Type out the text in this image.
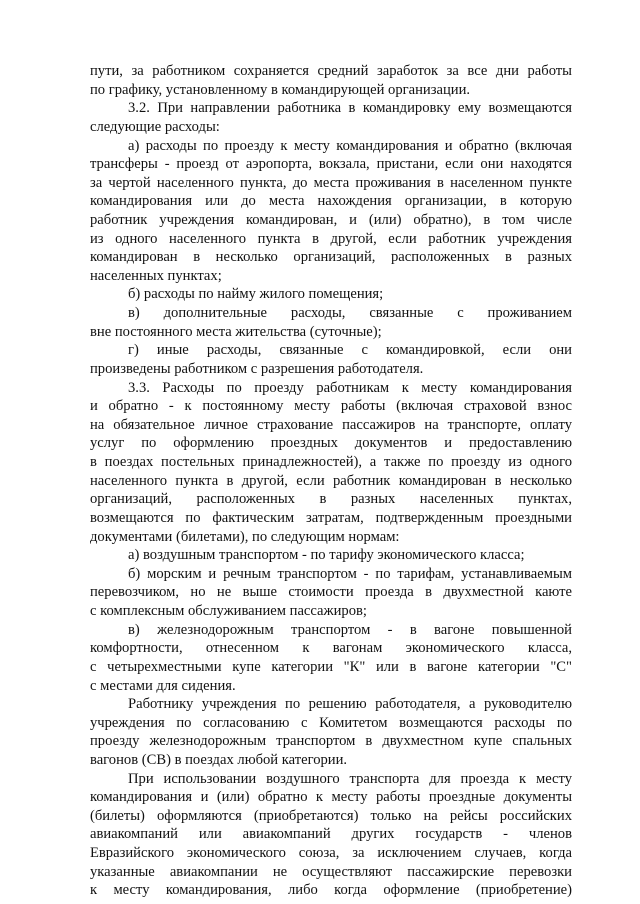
пути, за работником сохраняется средний заработок за все дни работы
по графику, установленному в командирующей организации.
3.2. При направлении работника в командировку ему возмещаются
следующие расходы:
а) расходы по проезду к месту командирования и обратно (включая
трансферы - проезд от аэропорта, вокзала, пристани, если они находятся
за чертой населенного пункта, до места проживания в населенном пункте
командирования или до места нахождения организации, в которую
работник учреждения командирован, и (или) обратно), в том числе
из одного населенного пункта в другой, если работник учреждения
командирован в несколько организаций, расположенных в разных
населенных пунктах;
б) расходы по найму жилого помещения;
в) дополнительные расходы, связанные с проживанием
вне постоянного места жительства (суточные);
г) иные расходы, связанные с командировкой, если они
произведены работником с разрешения работодателя.
3.3. Расходы по проезду работникам к месту командирования
и обратно - к постоянному месту работы (включая страховой взнос
на обязательное личное страхование пассажиров на транспорте, оплату
услуг по оформлению проездных документов и предоставлению
в поездах постельных принадлежностей), а также по проезду из одного
населенного пункта в другой, если работник командирован в несколько
организаций, расположенных в разных населенных пунктах,
возмещаются по фактическим затратам, подтвержденным проездными
документами (билетами), по следующим нормам:
а) воздушным транспортом - по тарифу экономического класса;
б) морским и речным транспортом - по тарифам, устанавливаемым
перевозчиком, но не выше стоимости проезда в двухместной каюте
с комплексным обслуживанием пассажиров;
в) железнодорожным транспортом - в вагоне повышенной
комфортности, отнесенном к вагонам экономического класса,
с четырехместными купе категории "К" или в вагоне категории "С"
с местами для сидения.
Работнику учреждения по решению работодателя, а руководителю
учреждения по согласованию с Комитетом возмещаются расходы по
проезду железнодорожным транспортом в двухместном купе спальных
вагонов (СВ) в поездах любой категории.
При использовании воздушного транспорта для проезда к месту
командирования и (или) обратно к месту работы проездные документы
(билеты) оформляются (приобретаются) только на рейсы российских
авиакомпаний или авиакомпаний других государств - членов
Евразийского экономического союза, за исключением случаев, когда
указанные авиакомпании не осуществляют пассажирские перевозки
к месту командирования, либо когда оформление (приобретение)
